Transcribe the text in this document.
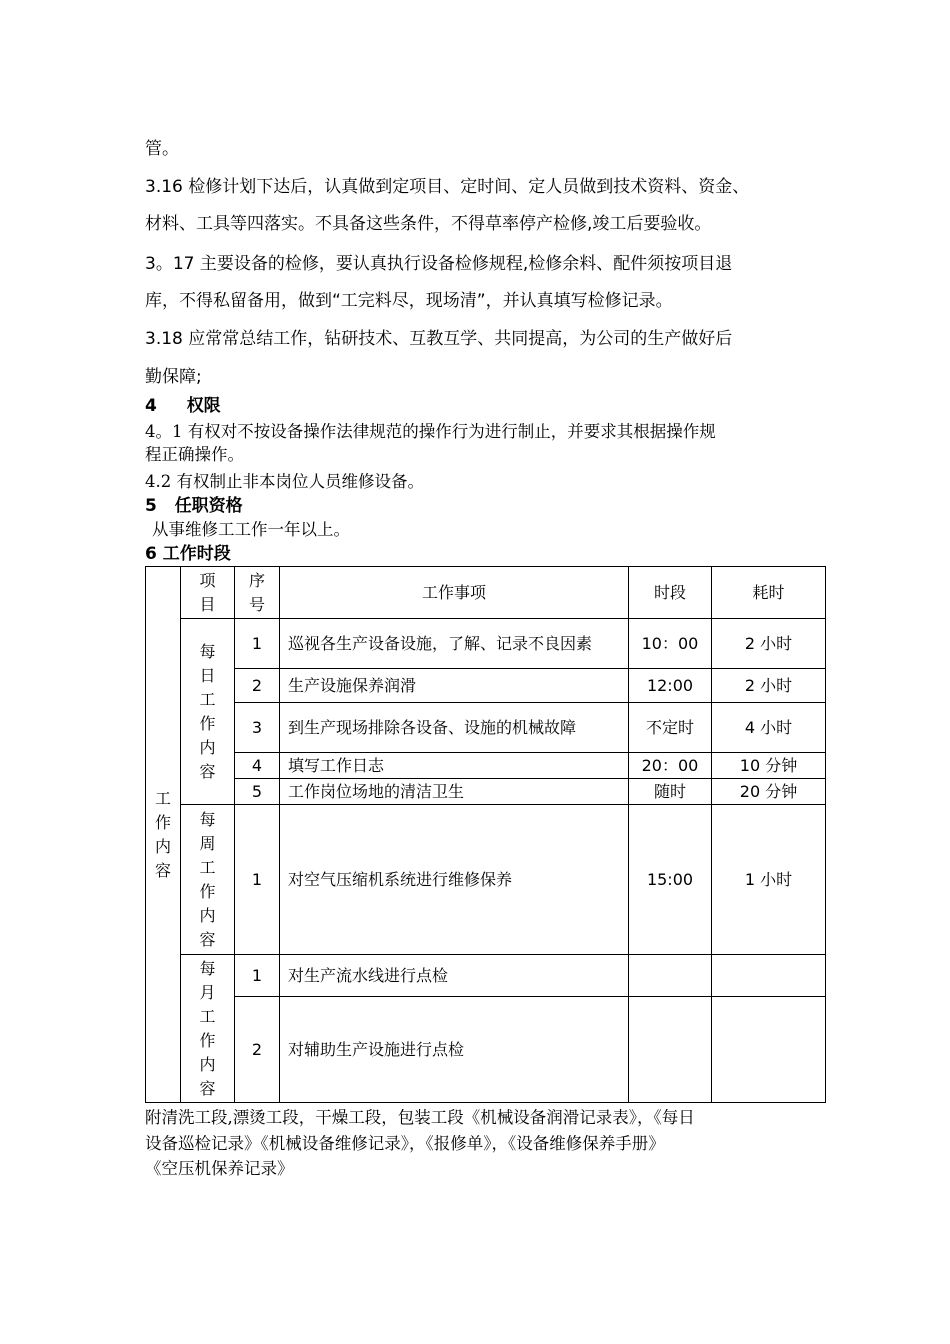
管。
3.16 检修计划下达后，认真做到定项目、定时间、定人员做到技术资料、资金、
材料、工具等四落实。不具备这些条件，不得草率停产检修,竣工后要验收。
3。17 主要设备的检修，要认真执行设备检修规程,检修余料、配件须按项目退
库，不得私留备用，做到“工完料尽，现场清”，并认真填写检修记录。
3.18 应常常总结工作，钻研技术、互教互学、共同提高，为公司的生产做好后
勤保障;
4 权限
4。1 有权对不按设备操作法律规范的操作行为进行制止，并要求其根据操作规
程正确操作。
4.2 有权制止非本岗位人员维修设备。
5 任职资格
从事维修工工作一年以上。
6 工作时段
工作内容	项目	序号	工作事项	时段	耗时
	每日工作内容	1	巡视各生产设备设施，了解、记录不良因素	10：00	2 小时
		2	生产设施保养润滑	12:00	2 小时
		3	到生产现场排除各设备、设施的机械故障	不定时	4 小时
		4	填写工作日志	20：00	10 分钟
		5	工作岗位场地的清洁卫生	随时	20 分钟
	每周工作内容	1	对空气压缩机系统进行维修保养	15:00	1 小时
	每月工作内容	1	对生产流水线进行点检		
		2	对辅助生产设施进行点检		
附清洗工段,漂烫工段，干燥工段，包装工段《机械设备润滑记录表》，《每日
设备巡检记录》《机械设备维修记录》，《报修单》，《设备维修保养手册》
《空压机保养记录》
